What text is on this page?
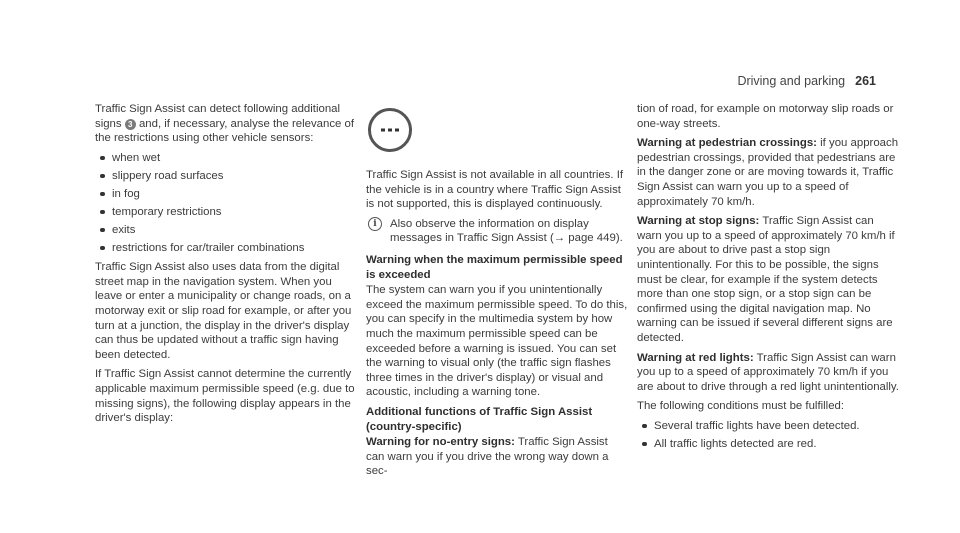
Driving and parking 261

Traffic Sign Assist can detect following additional signs 3 and, if necessary, analyse the relevance of the restrictions using other vehicle sensors:

when wet
slippery road surfaces
in fog
temporary restrictions
exits
restrictions for car/trailer combinations

Traffic Sign Assist also uses data from the digital street map in the navigation system. When you leave or enter a municipality or change roads, on a motorway exit or slip road for example, or after you turn at a junction, the display in the driver's display can thus be updated without a traffic sign having been detected.

If Traffic Sign Assist cannot determine the currently applicable maximum permissible speed (e.g. due to missing signs), the following display appears in the driver's display:

Traffic Sign Assist is not available in all countries. If the vehicle is in a country where Traffic Sign Assist is not supported, this is displayed continuously.

i	Also observe the information on display messages in Traffic Sign Assist (→ page 449).
Warning when the maximum permissible speed is exceeded

The system can warn you if you unintentionally exceed the maximum permissible speed. To do this, you can specify in the multimedia system by how much the maximum permissible speed can be exceeded before a warning is issued. You can set the warning to visual only (the traffic sign flashes three times in the driver's display) or visual and acoustic, including a warning tone.

Additional functions of Traffic Sign Assist (country-specific)

Warning for no-entry signs: Traffic Sign Assist can warn you if you drive the wrong way down a sec-

tion of road, for example on motorway slip roads or one-way streets.

Warning at pedestrian crossings: if you approach pedestrian crossings, provided that pedestrians are in the danger zone or are moving towards it, Traffic Sign Assist can warn you up to a speed of approximately 70 km/h.

Warning at stop signs: Traffic Sign Assist can warn you up to a speed of approximately 70 km/h if you are about to drive past a stop sign unintentionally. For this to be possible, the signs must be clear, for example if the system detects more than one stop sign, or a stop sign can be confirmed using the digital navigation map. No warning can be issued if several different signs are detected.

Warning at red lights: Traffic Sign Assist can warn you up to a speed of approximately 70 km/h if you are about to drive through a red light unintentionally.

The following conditions must be fulfilled:

Several traffic lights have been detected.
All traffic lights detected are red.
